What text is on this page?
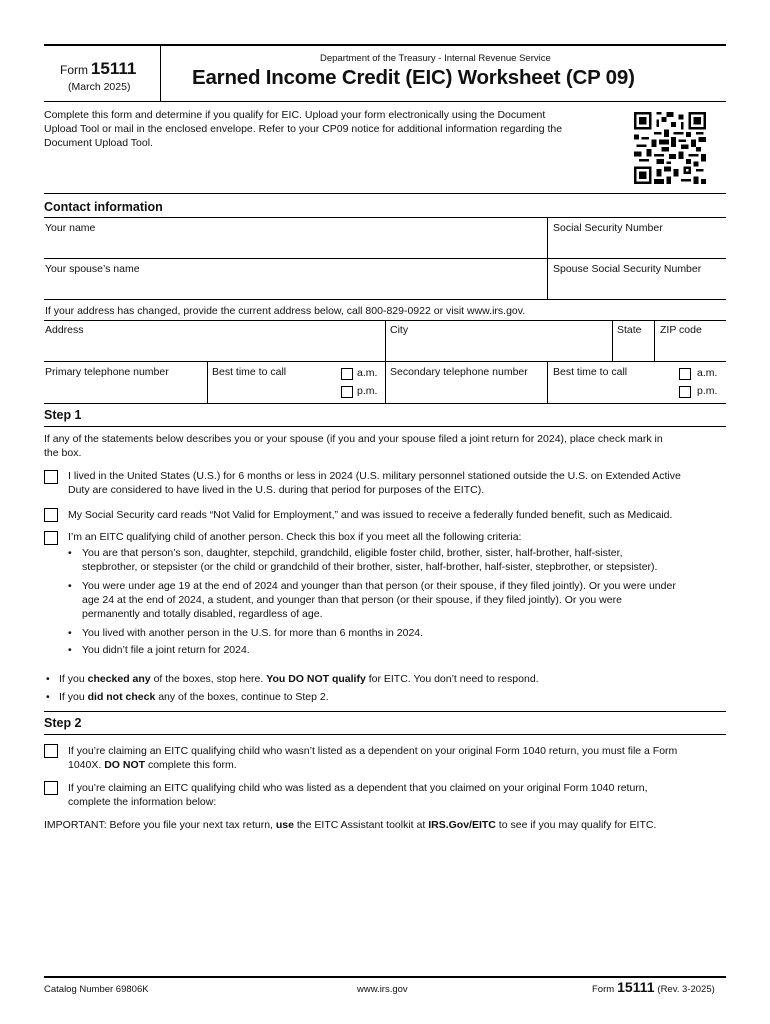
Form 15111
(March 2025)
Department of the Treasury - Internal Revenue Service
Earned Income Credit (EIC) Worksheet (CP 09)
Complete this form and determine if you qualify for EIC. Upload your form electronically using the Document
Upload Tool or mail in the enclosed envelope. Refer to your CP09 notice for additional information regarding the
Document Upload Tool.
Contact information
Your name	Social Security Number
Your spouse’s name	Spouse Social Security Number
If your address has changed, provide the current address below, call 800-829-0922 or visit www.irs.gov.
Address	City	State ZIP code
Primary telephone number	Best time to call	a.m.
p.m.
Secondary telephone number Best time to call	a.m.
p.m.
Step 1
If any of the statements below describes you or your spouse (if you and your spouse filed a joint return for 2024), place check mark in
the box.
I lived in the United States (U.S.) for 6 months or less in 2024 (U.S. military personnel stationed outside the U.S. on Extended Active
Duty are considered to have lived in the U.S. during that period for purposes of the EITC).
My Social Security card reads “Not Valid for Employment,” and was issued to receive a federally funded benefit, such as Medicaid.
I’m an EITC qualifying child of another person. Check this box if you meet all the following criteria:
• You are that person’s son, daughter, stepchild, grandchild, eligible foster child, brother, sister, half-brother, half-sister,
stepbrother, or stepsister (or the child or grandchild of their brother, sister, half-brother, half-sister, stepbrother, or stepsister).
• You were under age 19 at the end of 2024 and younger than that person (or their spouse, if they filed jointly). Or you were under
age 24 at the end of 2024, a student, and younger than that person (or their spouse, if they filed jointly). Or you were
permanently and totally disabled, regardless of age.
• You lived with another person in the U.S. for more than 6 months in 2024.
• You didn’t file a joint return for 2024.
• If you checked any of the boxes, stop here. You DO NOT qualify for EITC. You don’t need to respond.
• If you did not check any of the boxes, continue to Step 2.
Step 2
If you’re claiming an EITC qualifying child who wasn’t listed as a dependent on your original Form 1040 return, you must file a Form
1040X. DO NOT complete this form.
If you’re claiming an EITC qualifying child who was listed as a dependent that you claimed on your original Form 1040 return,
complete the information below:
IMPORTANT: Before you file your next tax return, use the EITC Assistant toolkit at IRS.Gov/EITC to see if you may qualify for EITC.
Catalog Number 69806K	www.irs.gov	Form 15111 (Rev. 3-2025)
